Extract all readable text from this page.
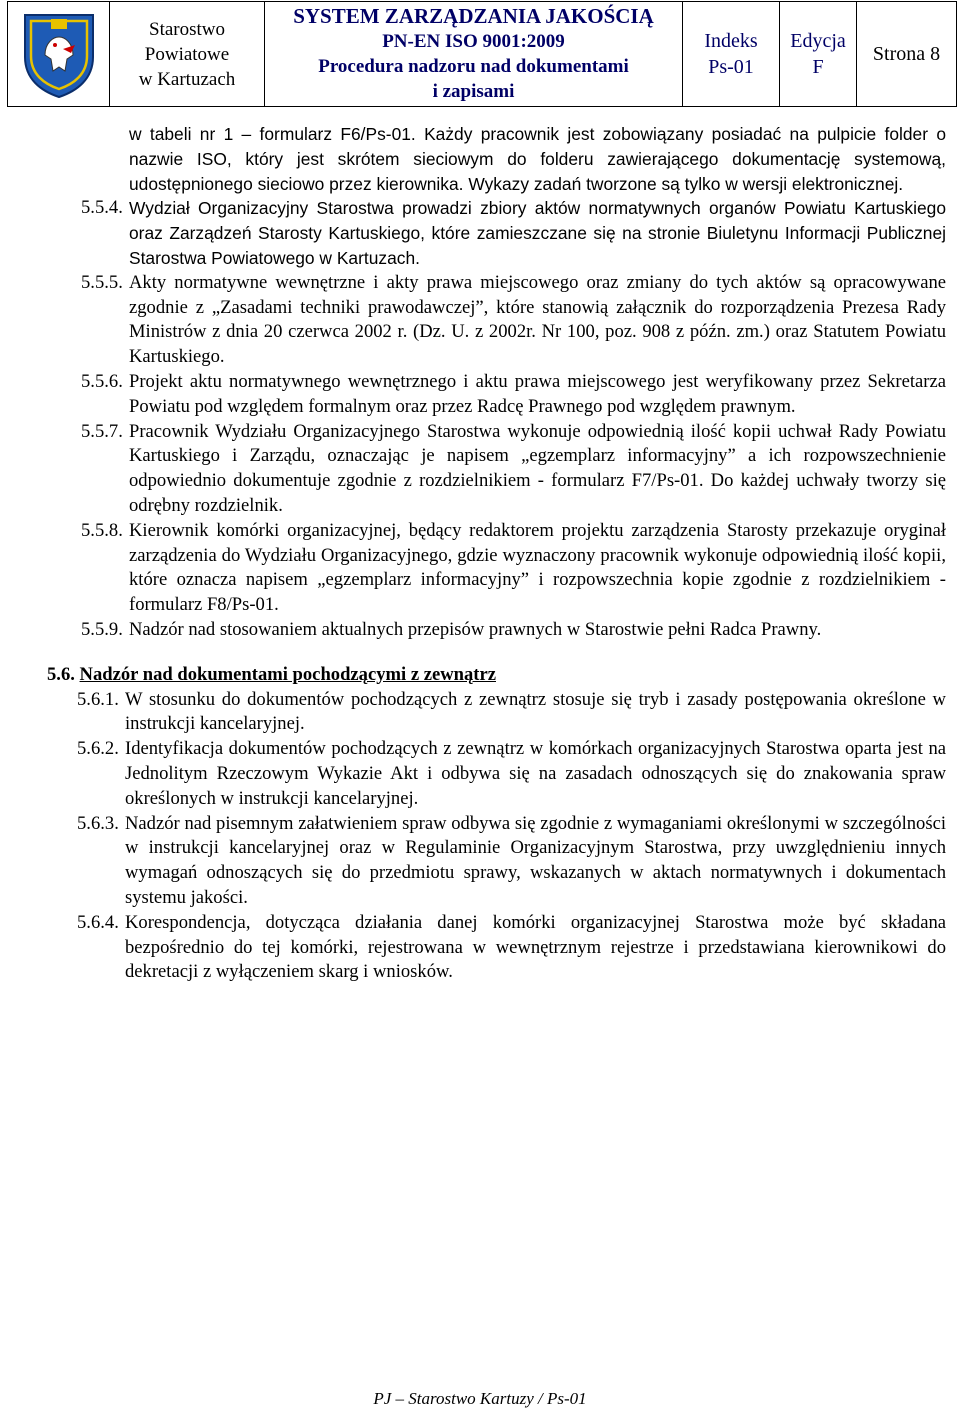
Starostwo
Powiatowe
w Kartuzach
SYSTEM ZARZĄDZANIA JAKOŚCIĄ
PN-EN ISO 9001:2009
Procedura nadzoru nad dokumentami
i zapisami
Indeks
Ps-01
Edycja
F
Strona 8

w tabeli nr 1 – formularz F6/Ps-01. Każdy pracownik jest zobowiązany posiadać na pulpicie folder o nazwie ISO, który jest skrótem sieciowym do folderu zawierającego dokumentację systemową, udostępnionego sieciowo przez kierownika. Wykazy zadań tworzone są tylko w wersji elektronicznej.

5.5.4. Wydział Organizacyjny Starostwa prowadzi zbiory aktów normatywnych organów Powiatu Kartuskiego oraz Zarządzeń Starosty Kartuskiego, które zamieszczane się na stronie Biuletynu Informacji Publicznej Starostwa Powiatowego w Kartuzach.
5.5.5. Akty normatywne wewnętrzne i akty prawa miejscowego oraz zmiany do tych aktów są opracowywane zgodnie z „Zasadami techniki prawodawczej”, które stanowią załącznik do rozporządzenia Prezesa Rady Ministrów z dnia 20 czerwca 2002 r. (Dz. U. z 2002r. Nr 100, poz. 908 z późn. zm.) oraz Statutem Powiatu Kartuskiego.
5.5.6. Projekt aktu normatywnego wewnętrznego i aktu prawa miejscowego jest weryfikowany przez Sekretarza Powiatu pod względem formalnym oraz przez Radcę Prawnego pod względem prawnym.
5.5.7. Pracownik Wydziału Organizacyjnego Starostwa wykonuje odpowiednią ilość kopii uchwał Rady Powiatu Kartuskiego i Zarządu, oznaczając je napisem „egzemplarz informacyjny” a ich rozpowszechnienie odpowiednio dokumentuje zgodnie z rozdzielnikiem - formularz F7/Ps-01. Do każdej uchwały tworzy się odrębny rozdzielnik.
5.5.8. Kierownik komórki organizacyjnej, będący redaktorem projektu zarządzenia Starosty przekazuje oryginał zarządzenia do Wydziału Organizacyjnego, gdzie wyznaczony pracownik wykonuje odpowiednią ilość kopii, które oznacza napisem „egzemplarz informacyjny” i rozpowszechnia kopie zgodnie z rozdzielnikiem - formularz F8/Ps-01.
5.5.9. Nadzór nad stosowaniem aktualnych przepisów prawnych w Starostwie pełni Radca Prawny.
5.6. Nadzór nad dokumentami pochodzącymi z zewnątrz
5.6.1. W stosunku do dokumentów pochodzących z zewnątrz stosuje się tryb i zasady postępowania określone w instrukcji kancelaryjnej.
5.6.2. Identyfikacja dokumentów pochodzących z zewnątrz w komórkach organizacyjnych Starostwa oparta jest na Jednolitym Rzeczowym Wykazie Akt i odbywa się na zasadach odnoszących się do znakowania spraw określonych w instrukcji kancelaryjnej.
5.6.3. Nadzór nad pisemnym załatwieniem spraw odbywa się zgodnie z wymaganiami określonymi w szczególności w instrukcji kancelaryjnej oraz w Regulaminie Organizacyjnym Starostwa, przy uwzględnieniu innych wymagań odnoszących się do przedmiotu sprawy, wskazanych w aktach normatywnych i dokumentach systemu jakości.
5.6.4. Korespondencja, dotycząca działania danej komórki organizacyjnej Starostwa może być składana bezpośrednio do tej komórki, rejestrowana w wewnętrznym rejestrze i przedstawiana kierownikowi do dekretacji z wyłączeniem skarg i wniosków.
PJ – Starostwo Kartuzy / Ps-01
